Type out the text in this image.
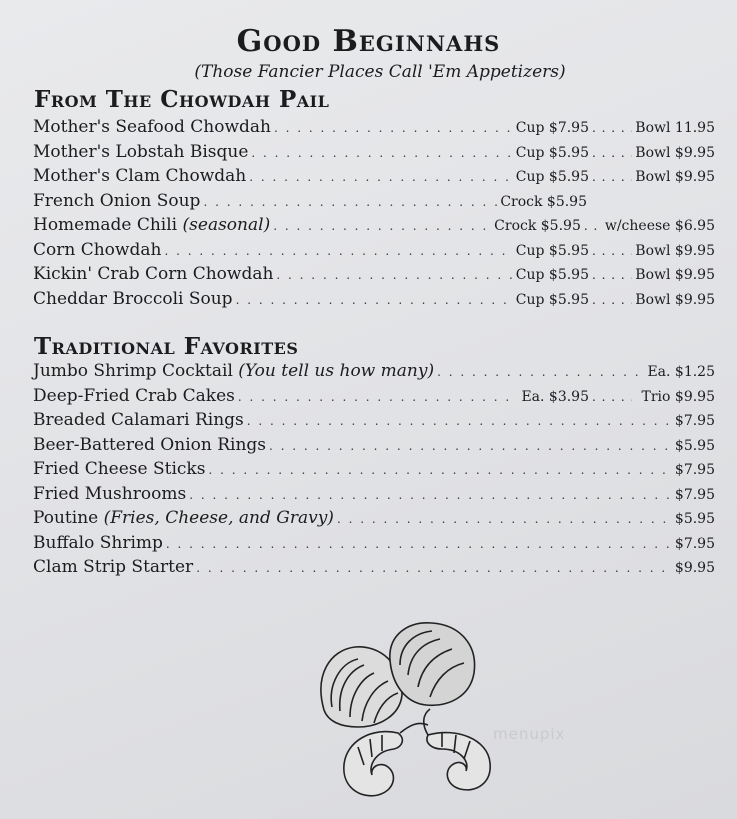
Good Beginnahs
(Those Fancier Places Call 'Em Appetizers)
From The Chowdah Pail
Mother's Seafood Chowdah . . .	Cup $7.95 . . .	Bowl 11.95
Mother's Lobstah Bisque . . .	Cup $5.95 . . .	Bowl $9.95
Mother's Clam Chowdah . . .	Cup $5.95 . . .	Bowl $9.95
French Onion Soup . . .	Crock $5.95
Homemade Chili (seasonal) . . .	Crock $5.95 . . . w/cheese $6.95
Corn Chowdah . . .	Cup $5.95 . . .	Bowl $9.95
Kickin' Crab Corn Chowdah . . .	Cup $5.95 . . .	Bowl $9.95
Cheddar Broccoli Soup . . .	Cup $5.95 . . .	Bowl $9.95
Traditional Favorites
Jumbo Shrimp Cocktail (You tell us how many) . . .	Ea. $1.25
Deep-Fried Crab Cakes . . .	Ea. $3.95 . . .	Trio $9.95
Breaded Calamari Rings . . .	$7.95
Beer-Battered Onion Rings . . .	$5.95
Fried Cheese Sticks . . .	$7.95
Fried Mushrooms . . .	$7.95
Poutine (Fries, Cheese, and Gravy) . . .	$5.95
Buffalo Shrimp . . .	$7.95
Clam Strip Starter . . .	$9.95
menupix
